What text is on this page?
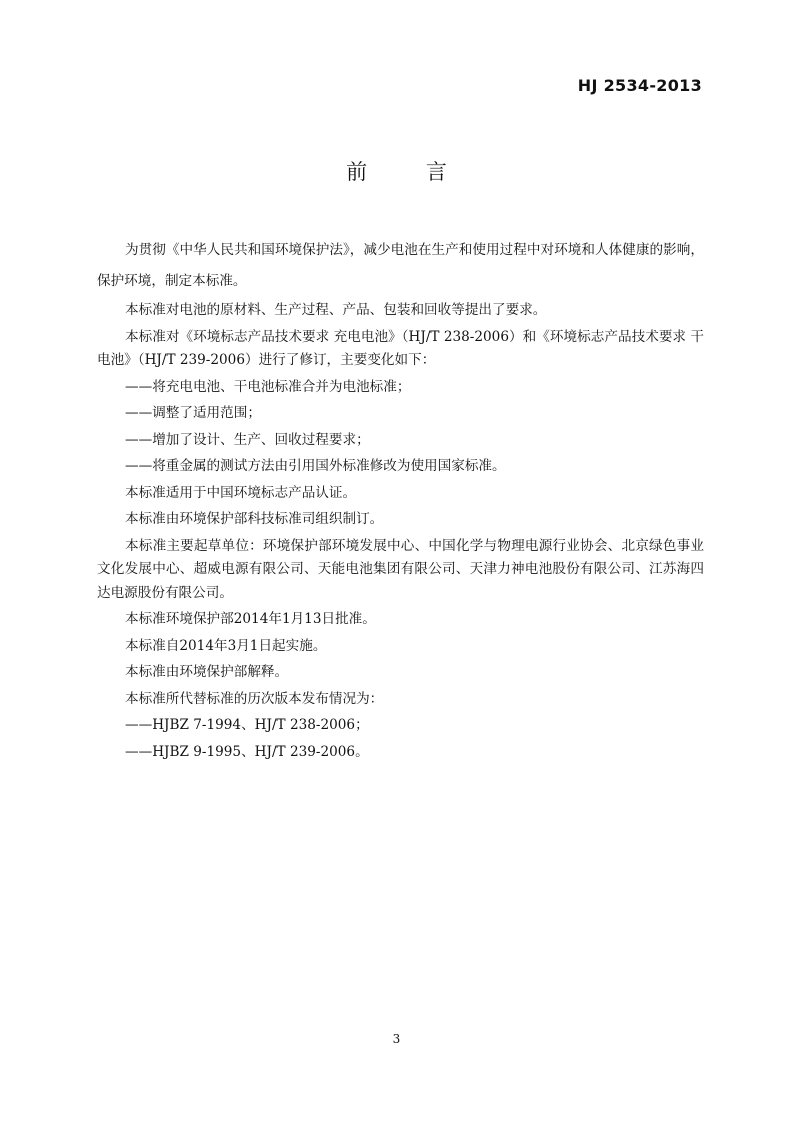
HJ 2534-2013
前 言

为贯彻《中华人民共和国环境保护法》，减少电池在生产和使用过程中对环境和人体健康的影响，保护环境，制定本标准。

本标准对电池的原材料、生产过程、产品、包装和回收等提出了要求。

本标准对《环境标志产品技术要求 充电电池》（HJ/T 238-2006）和《环境标志产品技术要求 干电池》（HJ/T 239-2006）进行了修订，主要变化如下：

——将充电电池、干电池标准合并为电池标准；
——调整了适用范围；
——增加了设计、生产、回收过程要求；
——将重金属的测试方法由引用国外标准修改为使用国家标准。

本标准适用于中国环境标志产品认证。

本标准由环境保护部科技标准司组织制订。

本标准主要起草单位：环境保护部环境发展中心、中国化学与物理电源行业协会、北京绿色事业文化发展中心、超威电源有限公司、天能电池集团有限公司、天津力神电池股份有限公司、江苏海四达电源股份有限公司。

本标准环境保护部2014年1月13日批准。

本标准自2014年3月1日起实施。

本标准由环境保护部解释。

本标准所代替标准的历次版本发布情况为：

——HJBZ 7-1994、HJ/T 238-2006；
——HJBZ 9-1995、HJ/T 239-2006。
3
